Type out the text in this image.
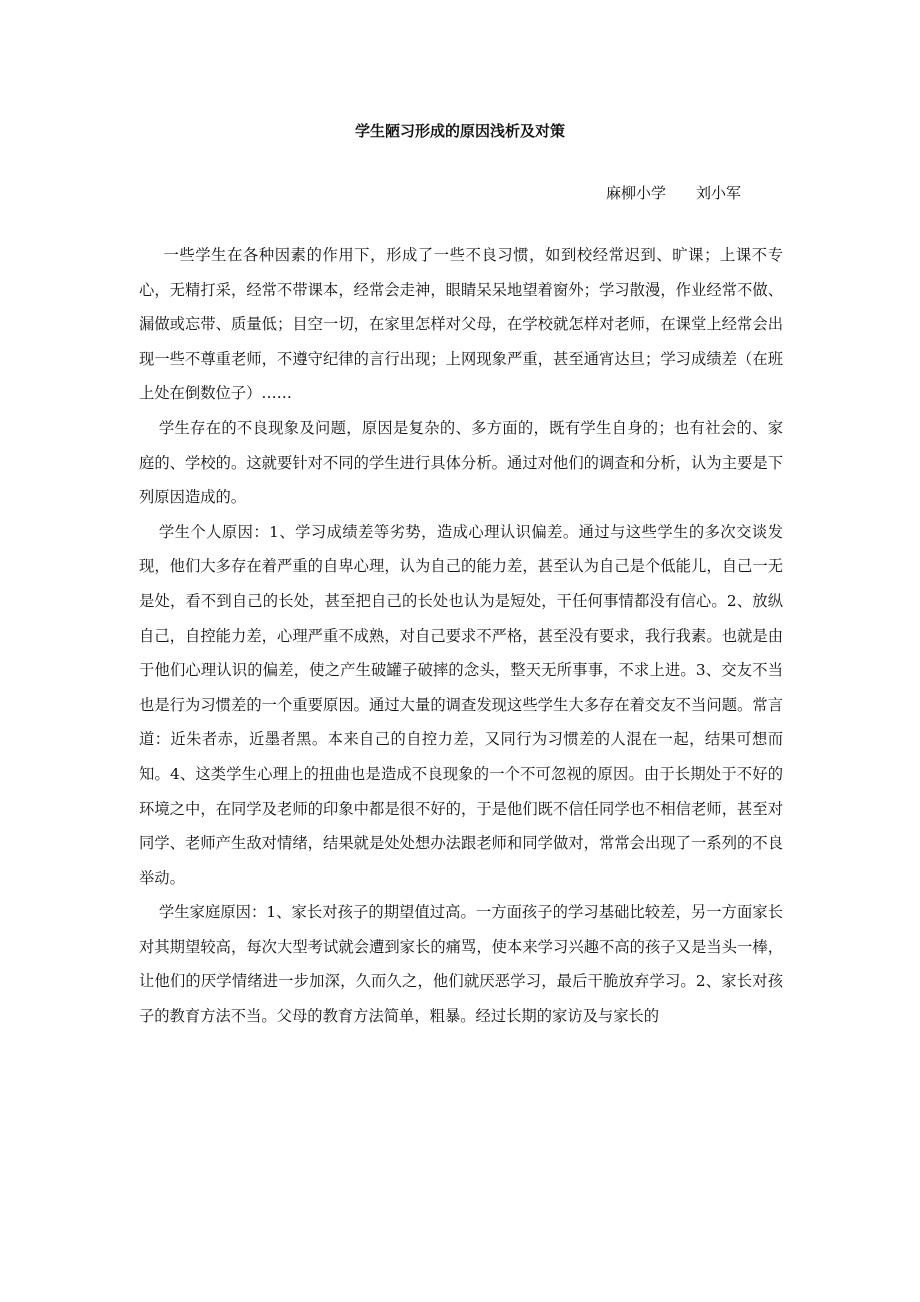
学生陋习形成的原因浅析及对策
麻柳小学 刘小军

一些学生在各种因素的作用下，形成了一些不良习惯，如到校经常迟到、旷课；上课不专心，无精打采，经常不带课本，经常会走神，眼睛呆呆地望着窗外；学习散漫，作业经常不做、漏做或忘带、质量低；目空一切，在家里怎样对父母，在学校就怎样对老师，在课堂上经常会出现一些不尊重老师，不遵守纪律的言行出现；上网现象严重，甚至通宵达旦；学习成绩差（在班上处在倒数位子）……

学生存在的不良现象及问题，原因是复杂的、多方面的，既有学生自身的；也有社会的、家庭的、学校的。这就要针对不同的学生进行具体分析。通过对他们的调查和分析，认为主要是下列原因造成的。

学生个人原因：1、学习成绩差等劣势，造成心理认识偏差。通过与这些学生的多次交谈发现，他们大多存在着严重的自卑心理，认为自己的能力差，甚至认为自己是个低能儿，自己一无是处，看不到自己的长处，甚至把自己的长处也认为是短处，干任何事情都没有信心。2、放纵自己，自控能力差，心理严重不成熟，对自己要求不严格，甚至没有要求，我行我素。也就是由于他们心理认识的偏差，使之产生破罐子破摔的念头，整天无所事事，不求上进。3、交友不当也是行为习惯差的一个重要原因。通过大量的调查发现这些学生大多存在着交友不当问题。常言道：近朱者赤，近墨者黑。本来自己的自控力差，又同行为习惯差的人混在一起，结果可想而知。4、这类学生心理上的扭曲也是造成不良现象的一个不可忽视的原因。由于长期处于不好的环境之中，在同学及老师的印象中都是很不好的，于是他们既不信任同学也不相信老师，甚至对同学、老师产生敌对情绪，结果就是处处想办法跟老师和同学做对，常常会出现了一系列的不良举动。

学生家庭原因：1、家长对孩子的期望值过高。一方面孩子的学习基础比较差，另一方面家长对其期望较高，每次大型考试就会遭到家长的痛骂，使本来学习兴趣不高的孩子又是当头一棒，让他们的厌学情绪进一步加深，久而久之，他们就厌恶学习，最后干脆放弃学习。2、家长对孩子的教育方法不当。父母的教育方法简单，粗暴。经过长期的家访及与家长的
